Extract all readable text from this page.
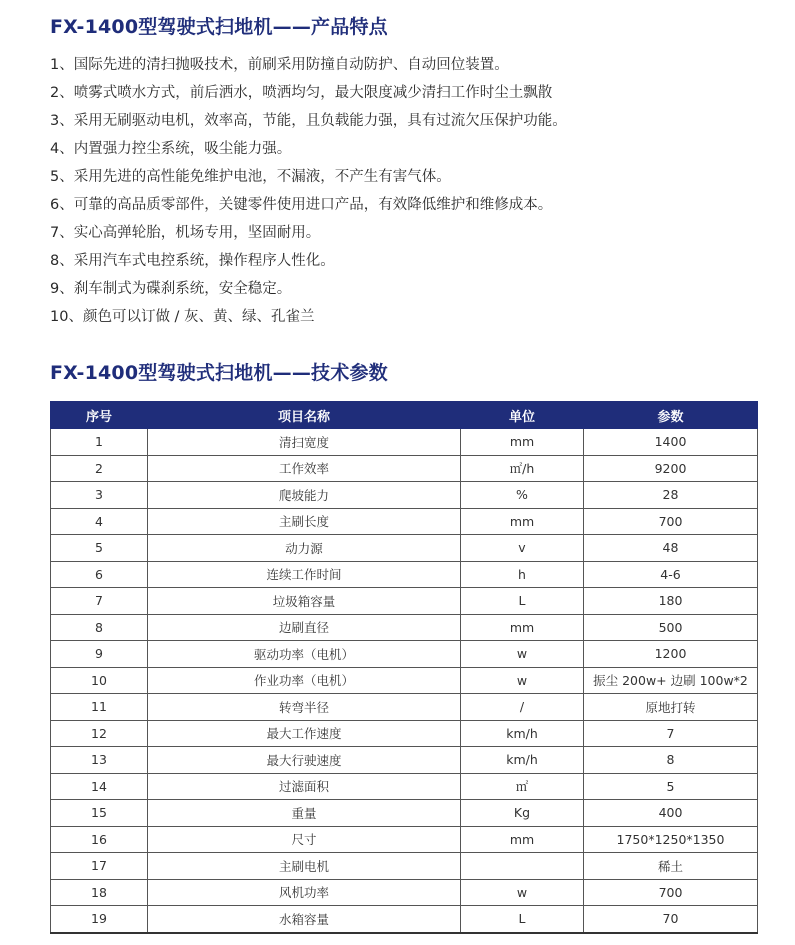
FX-1400型驾驶式扫地机——产品特点
1、国际先进的清扫抛吸技术，前刷采用防撞自动防护、自动回位装置。
2、喷雾式喷水方式，前后洒水，喷洒均匀，最大限度减少清扫工作时尘土飘散
3、采用无刷驱动电机，效率高，节能，且负载能力强，具有过流欠压保护功能。
4、内置强力控尘系统，吸尘能力强。
5、采用先进的高性能免维护电池，不漏液，不产生有害气体。
6、可靠的高品质零部件，关键零件使用进口产品，有效降低维护和维修成本。
7、实心高弹轮胎，机场专用，坚固耐用。
8、采用汽车式电控系统，操作程序人性化。
9、刹车制式为碟刹系统，安全稳定。
10、颜色可以订做 / 灰、黄、绿、孔雀兰
FX-1400型驾驶式扫地机——技术参数
序号	项目名称	单位	参数
1	清扫宽度	mm	1400
2	工作效率	㎡/h	9200
3	爬坡能力	%	28
4	主刷长度	mm	700
5	动力源	v	48
6	连续工作时间	h	4-6
7	垃圾箱容量	L	180
8	边刷直径	mm	500
9	驱动功率（电机）	w	1200
10	作业功率（电机）	w	振尘 200w+ 边刷 100w*2
11	转弯半径	/	原地打转
12	最大工作速度	km/h	7
13	最大行驶速度	km/h	8
14	过滤面积	㎡	5
15	重量	Kg	400
16	尺寸	mm	1750*1250*1350
17	主刷电机		稀土
18	风机功率	w	700
19	水箱容量	L	70
